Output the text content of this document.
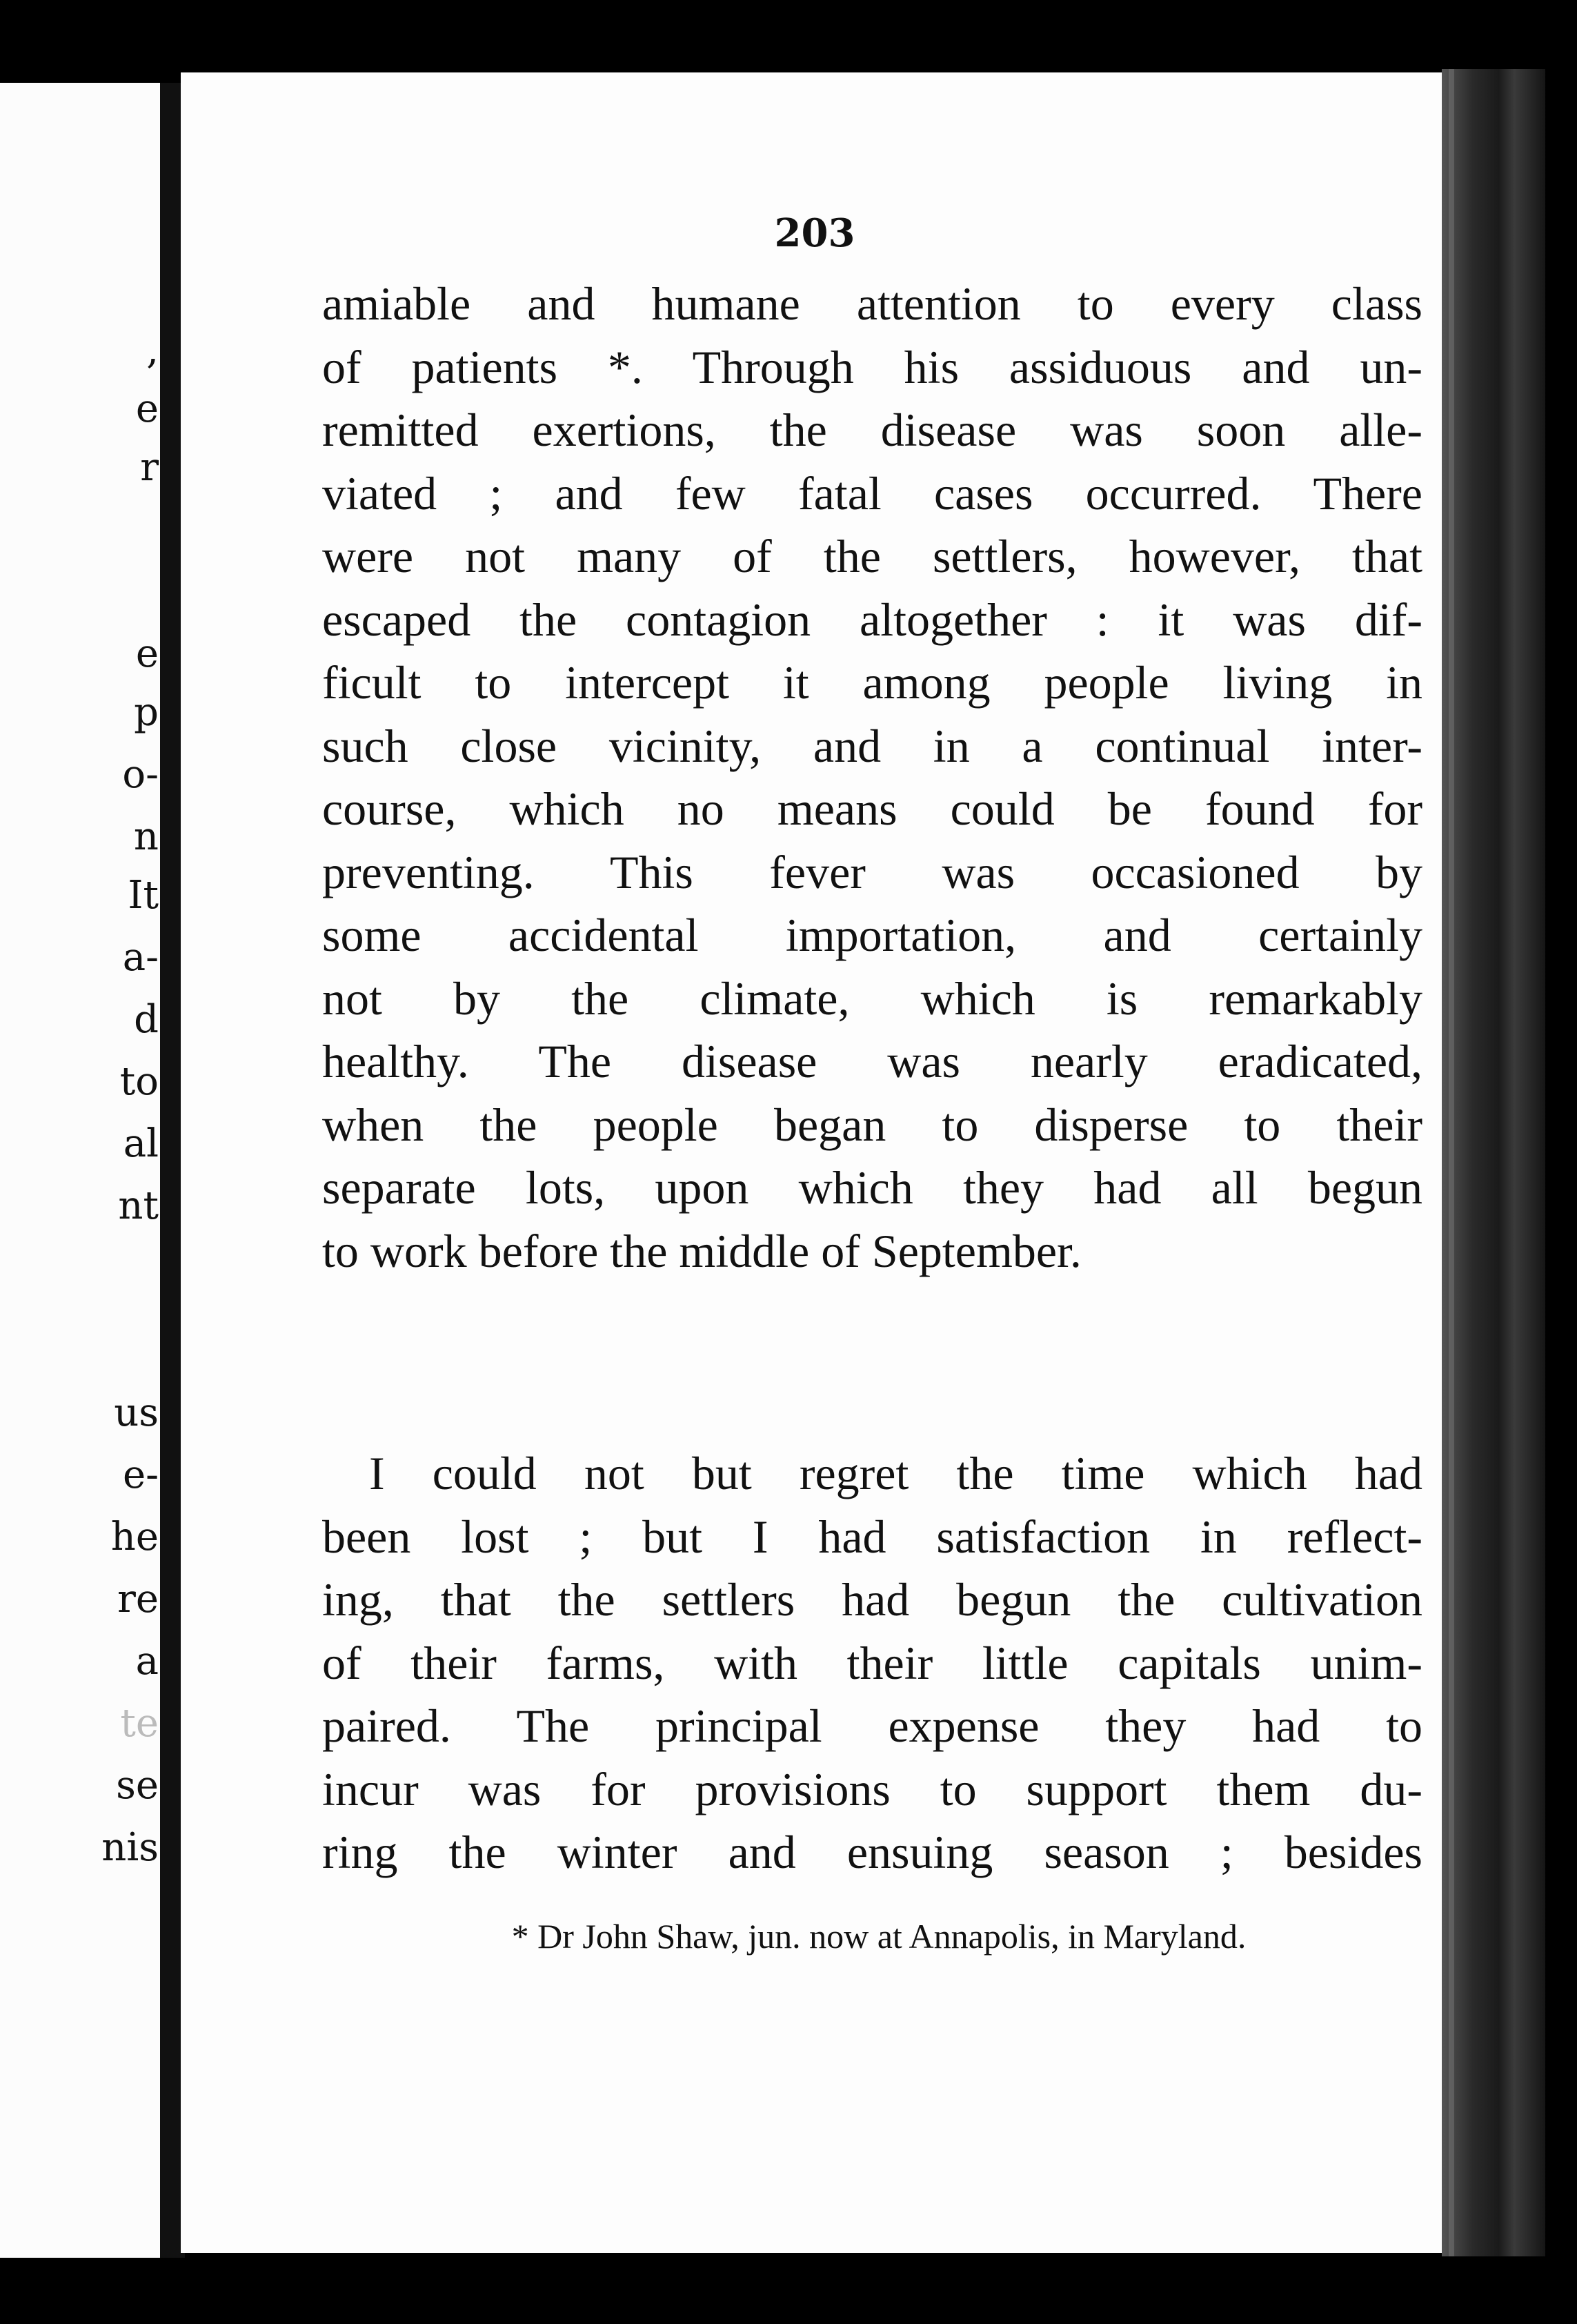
,
e
r
e
p
o-
n
It
a-
d
to
al
nt
us
e-
he
re
a
te
se
nis
203
amiable and humane attention to every class
of patients *. Through his assiduous and un-
remitted exertions, the disease was soon alle-
viated ; and few fatal cases occurred. There
were not many of the settlers, however, that
escaped the contagion altogether : it was dif-
ficult to intercept it among people living in
such close vicinity, and in a continual inter-
course, which no means could be found for
preventing. This fever was occasioned by
some accidental importation, and certainly
not by the climate, which is remarkably
healthy. The disease was nearly eradicated,
when the people began to disperse to their
separate lots, upon which they had all begun
to work before the middle of September.
I could not but regret the time which had
been lost ; but I had satisfaction in reflect-
ing, that the settlers had begun the cultivation
of their farms, with their little capitals unim-
paired. The principal expense they had to
incur was for provisions to support them du-
ring the winter and ensuing season ; besides
* Dr John Shaw, jun. now at Annapolis, in Maryland.
